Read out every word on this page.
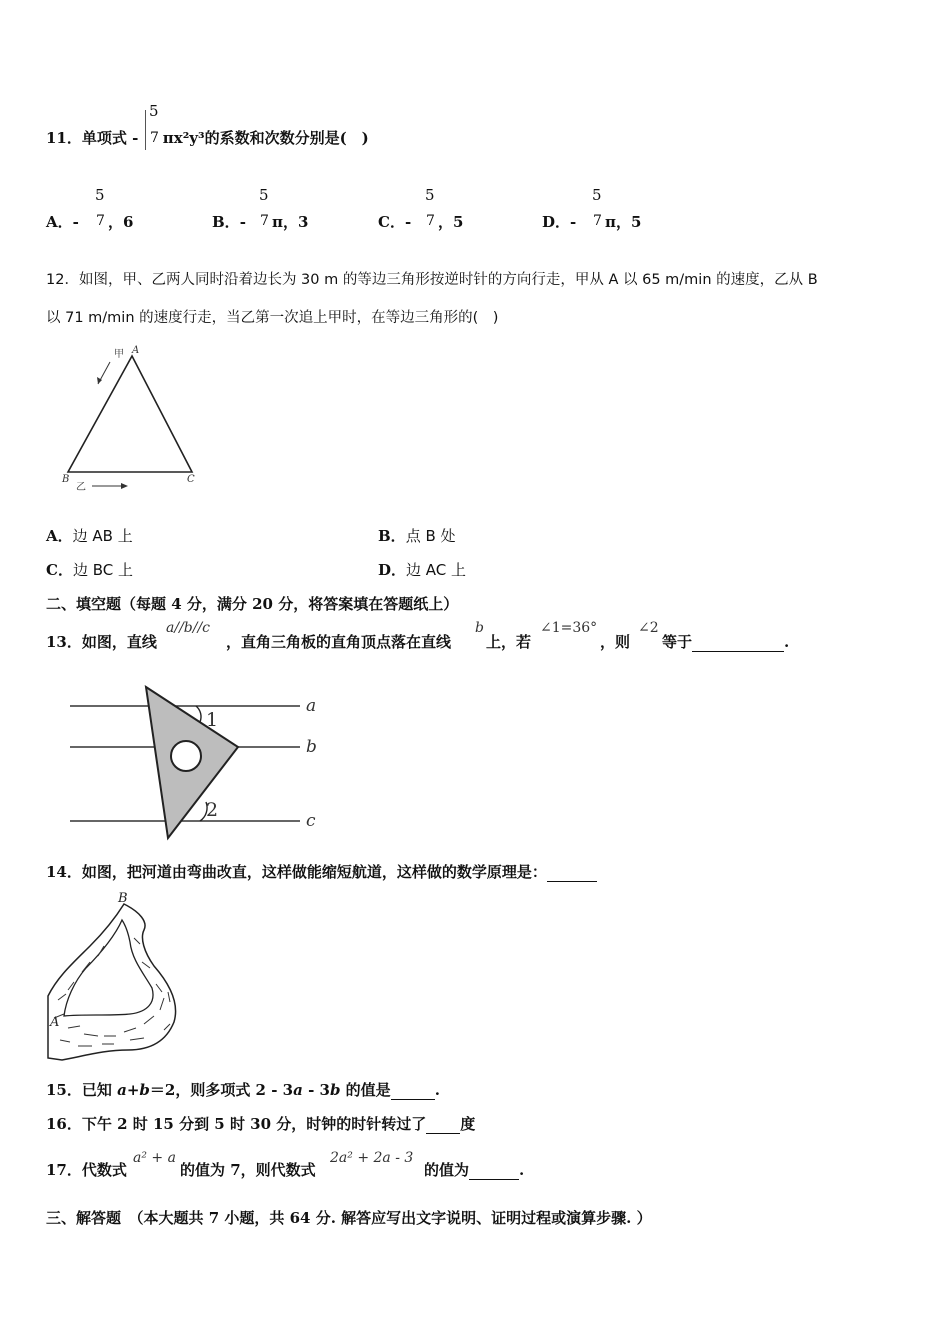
5
11．单项式 - πx²y³的系数和次数分别是(　)
7
5
A．- 7 ，6
5
B．- 7 π，3
5
C．- 7 ，5
5
D．- 7 π，5
12．如图，甲、乙两人同时沿着边长为 30 m 的等边三角形按逆时针的方向行走，甲从 A 以 65 m/min 的速度，乙从 B
以 71 m/min 的速度行走，当乙第一次追上甲时，在等边三角形的(　)
A
B	C
甲
乙
A．边 AB 上	B．点 B 处
C．边 BC 上	D．边 AC 上
二、填空题（每题 4 分，满分 20 分，将答案填在答题纸上）
13．如图，直线
a//b//c
，直角三角板的直角顶点落在直线
b
上，若
∠1=36°
，则
∠2
等于	.
1
2
a
b
c
14．如图，把河道由弯曲改直，这样做能缩短航道，这样做的数学原理是：
B
A
15．已知 a+b＝2，则多项式 2 - 3a - 3b 的值是	.
16．下午 2 时 15 分到 5 时 30 分，时钟的时针转过了 度
17．代数式
a² + a
的值为 7，则代数式
2a² + 2a - 3
的值为	.
三、解答题　（本大题共 7 小题，共 64 分. 解答应写出文字说明、证明过程或演算步骤. ）
